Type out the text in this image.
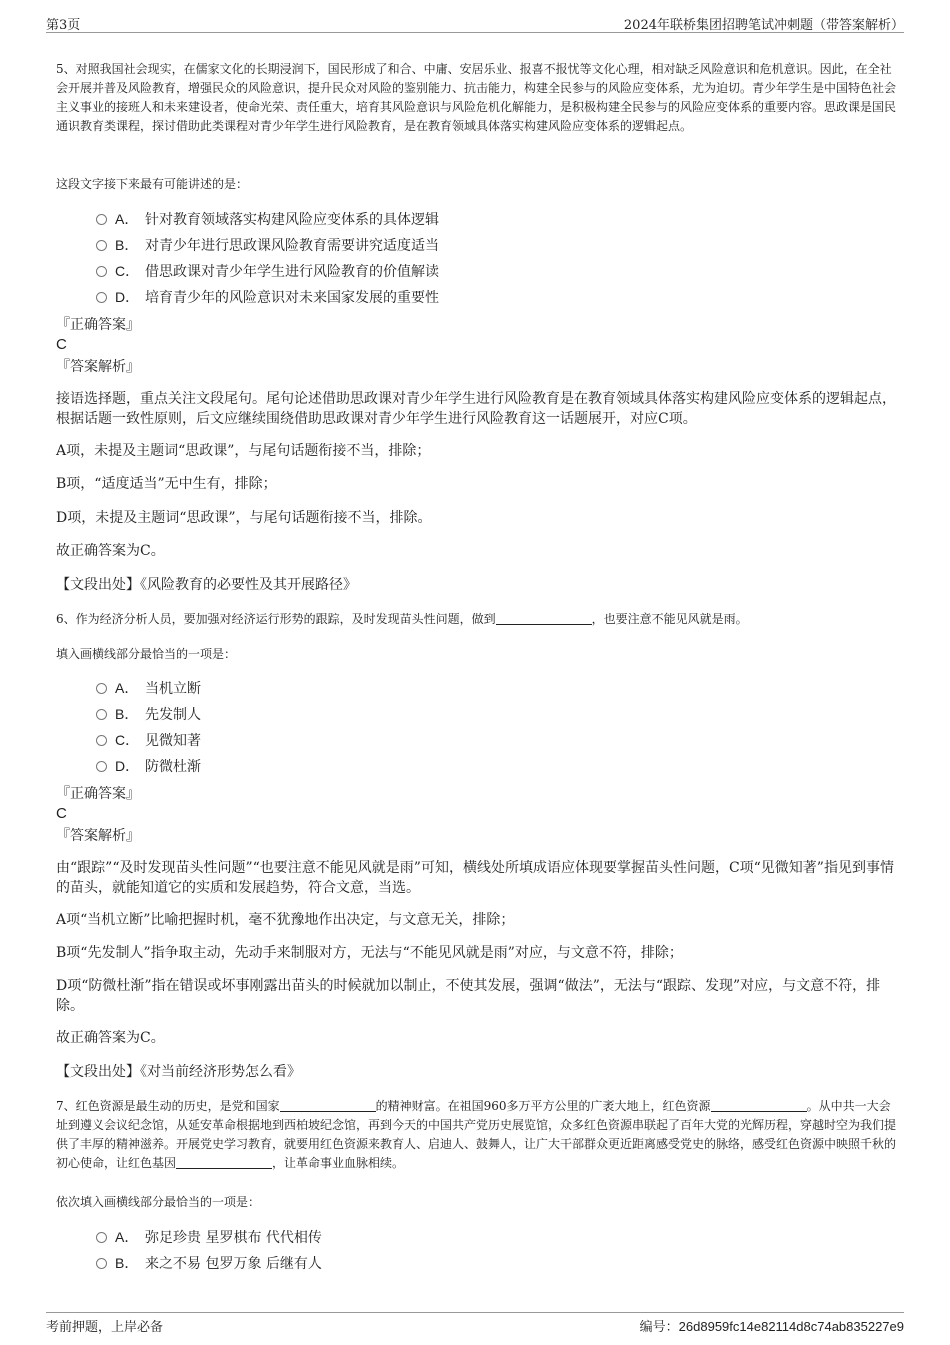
第3页	2024年联桥集团招聘笔试冲刺题（带答案解析）

5、对照我国社会现实，在儒家文化的长期浸润下，国民形成了和合、中庸、安居乐业、报喜不报忧等文化心理，相对缺乏风险意识和危机意识。因此，在全社会开展并普及风险教育，增强民众的风险意识，提升民众对风险的鉴别能力、抗击能力，构建全民参与的风险应变体系，尤为迫切。青少年学生是中国特色社会主义事业的接班人和未来建设者，使命光荣、责任重大，培育其风险意识与风险危机化解能力，是积极构建全民参与的风险应变体系的重要内容。思政课是国民通识教育类课程，探讨借助此类课程对青少年学生进行风险教育，是在教育领域具体落实构建风险应变体系的逻辑起点。

这段文字接下来最有可能讲述的是：

A． 针对教育领域落实构建风险应变体系的具体逻辑
B． 对青少年进行思政课风险教育需要讲究适度适当
C． 借思政课对青少年学生进行风险教育的价值解读
D． 培育青少年的风险意识对未来国家发展的重要性
『正确答案』
C
『答案解析』

接语选择题，重点关注文段尾句。尾句论述借助思政课对青少年学生进行风险教育是在教育领域具体落实构建风险应变体系的逻辑起点，根据话题一致性原则，后文应继续围绕借助思政课对青少年学生进行风险教育这一话题展开，对应C项。

A项，未提及主题词“思政课”，与尾句话题衔接不当，排除；

B项，“适度适当”无中生有，排除；

D项，未提及主题词“思政课”，与尾句话题衔接不当，排除。

故正确答案为C。

【文段出处】《风险教育的必要性及其开展路径》

6、作为经济分析人员，要加强对经济运行形势的跟踪，及时发现苗头性问题，做到	，也要注意不能见风就是雨。

填入画横线部分最恰当的一项是：

A． 当机立断
B． 先发制人
C． 见微知著
D． 防微杜渐
『正确答案』
C
『答案解析』

由“跟踪”“及时发现苗头性问题”“也要注意不能见风就是雨”可知，横线处所填成语应体现要掌握苗头性问题，C项“见微知著”指见到事情的苗头，就能知道它的实质和发展趋势，符合文意，当选。

A项“当机立断”比喻把握时机，毫不犹豫地作出决定，与文意无关，排除；

B项“先发制人”指争取主动，先动手来制服对方，无法与“不能见风就是雨”对应，与文意不符，排除；

D项“防微杜渐”指在错误或坏事刚露出苗头的时候就加以制止，不使其发展，强调“做法”，无法与“跟踪、发现”对应，与文意不符，排除。

故正确答案为C。

【文段出处】《对当前经济形势怎么看》

7、红色资源是最生动的历史，是党和国家	的精神财富。在祖国960多万平方公里的广袤大地上，红色资源	。从中共一大会址到遵义会议纪念馆，从延安革命根据地到西柏坡纪念馆，再到今天的中国共产党历史展览馆，众多红色资源串联起了百年大党的光辉历程，穿越时空为我们提供了丰厚的精神滋养。开展党史学习教育，就要用红色资源来教育人、启迪人、鼓舞人，让广大干部群众更近距离感受党史的脉络，感受红色资源中映照千秋的初心使命，让红色基因	，让革命事业血脉相续。

依次填入画横线部分最恰当的一项是：

A． 弥足珍贵 星罗棋布 代代相传
B． 来之不易 包罗万象 后继有人
考前押题，上岸必备	编号：26d8959fc14e82114d8c74ab835227e9
